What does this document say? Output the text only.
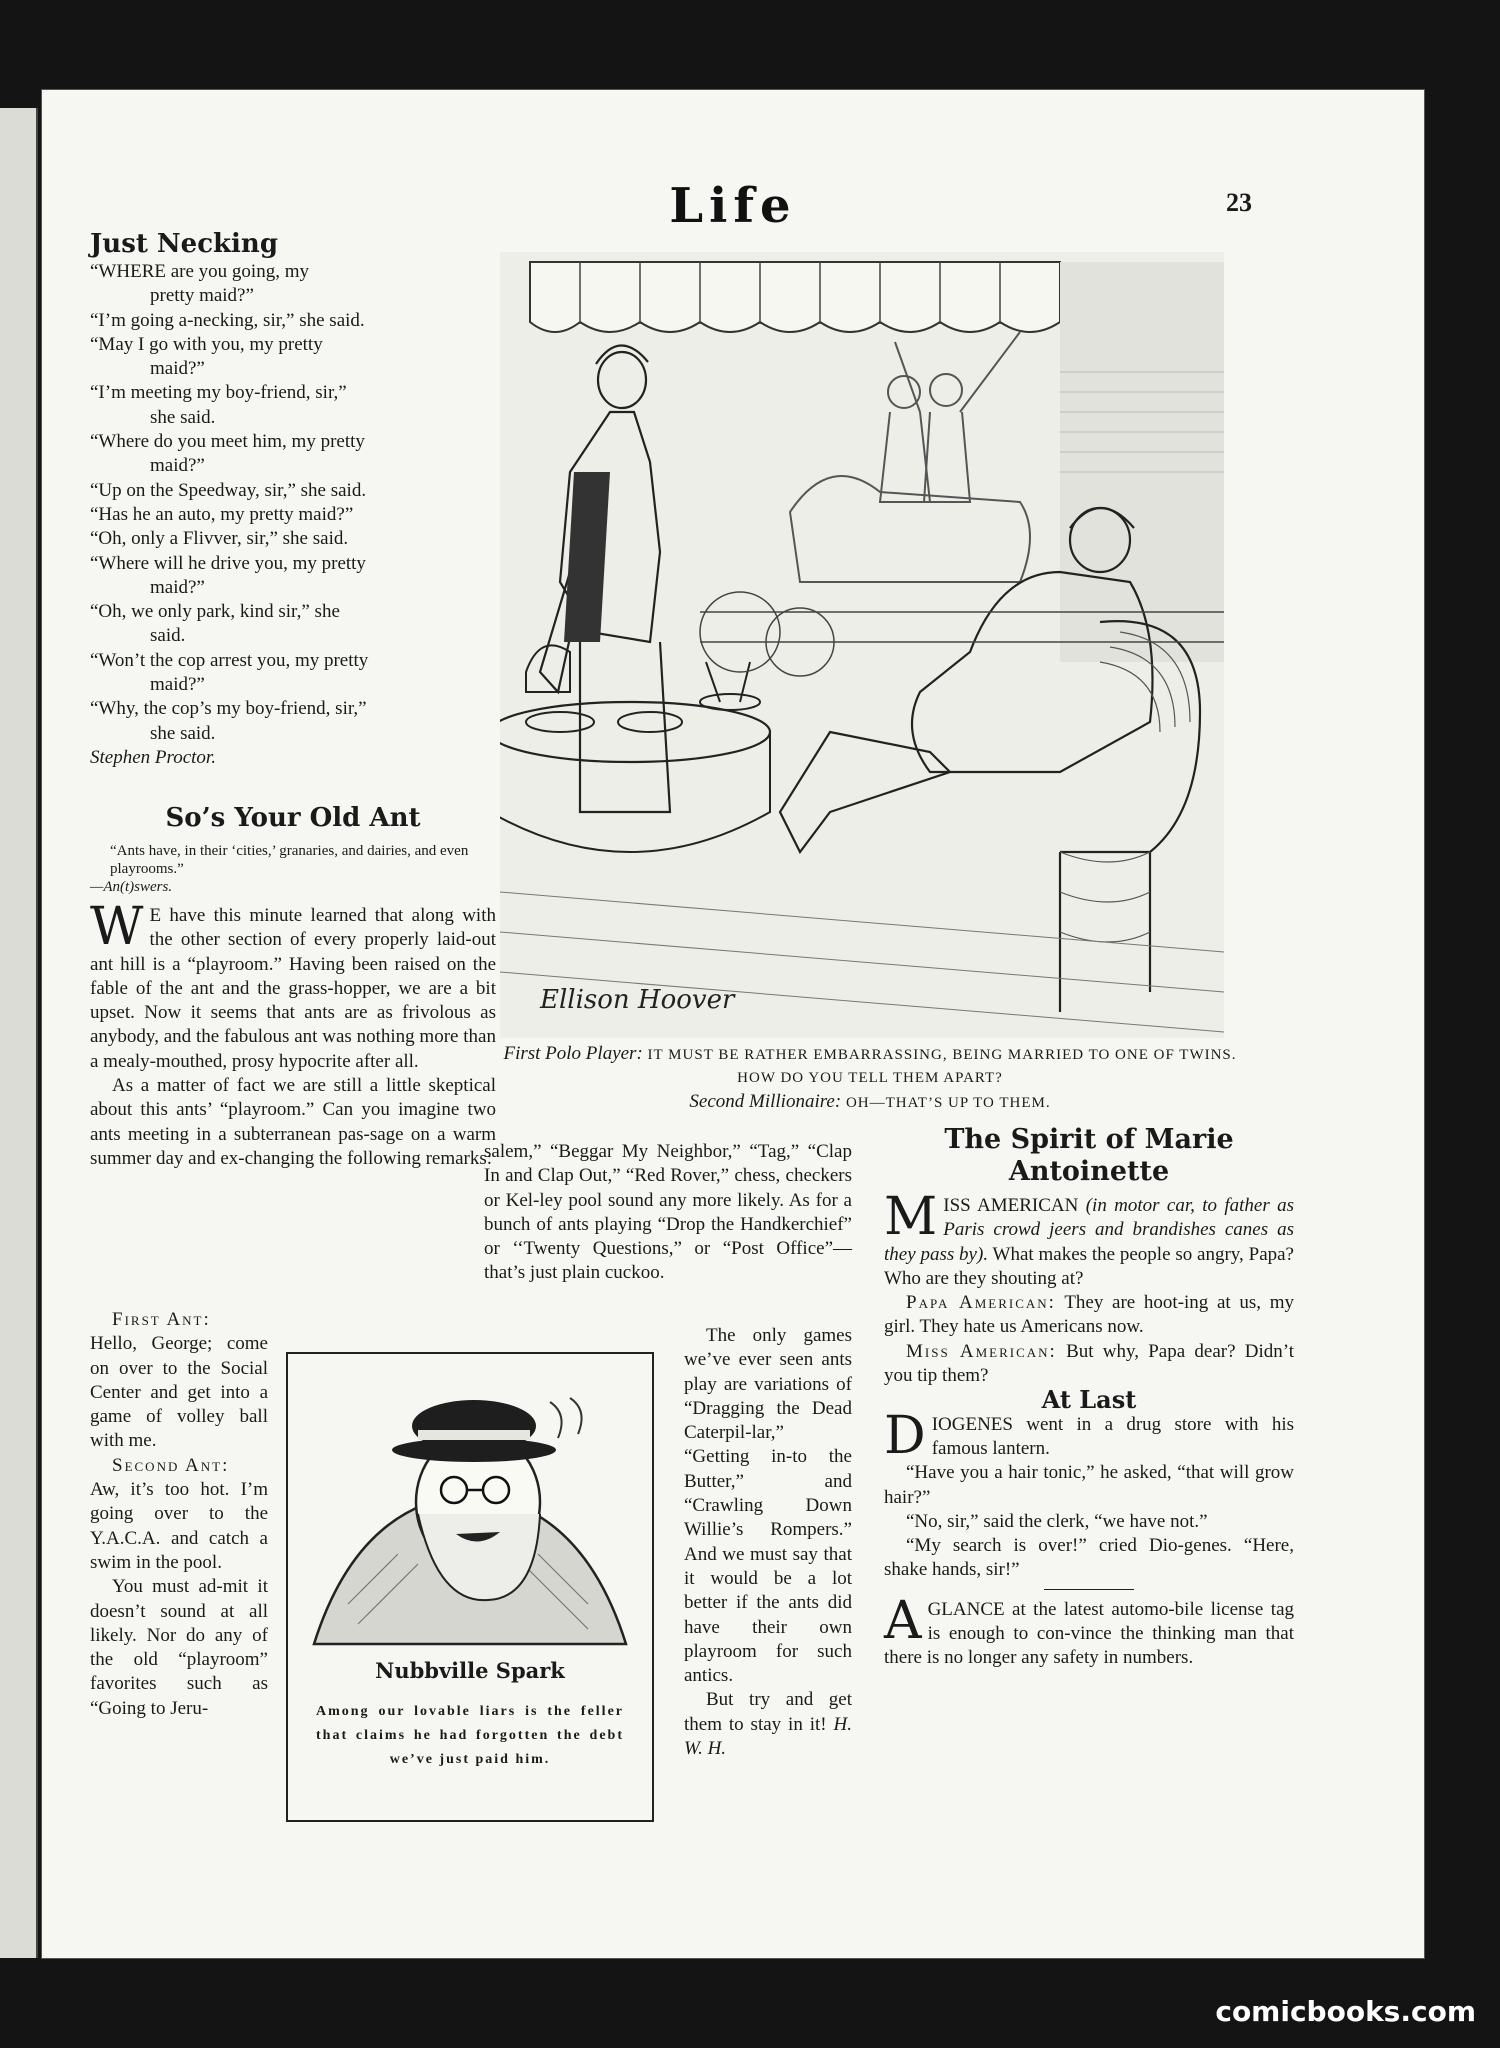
Life	23

Just Necking

“WHERE are you going, my

pretty maid?”

“I’m going a-necking, sir,” she said.

“May I go with you, my pretty

maid?”

“I’m meeting my boy-friend, sir,”

she said.

“Where do you meet him, my pretty

maid?”

“Up on the Speedway, sir,” she said.

“Has he an auto, my pretty maid?”

“Oh, only a Flivver, sir,” she said.

“Where will he drive you, my pretty

maid?”

“Oh, we only park, kind sir,” she

said.

“Won’t the cop arrest you, my pretty

maid?”

“Why, the cop’s my boy-friend, sir,”

she said.

Stephen Proctor.

So’s Your Old Ant

“Ants have, in their ‘cities,’ granaries, and dairies, and even playrooms.”

—An(t)swers.

W E have this minute learned that along with the other section of every properly laid-out ant hill is a “playroom.” Having been raised on the fable of the ant and the grass-hopper, we are a bit upset. Now it seems that ants are as frivolous as anybody, and the fabulous ant was nothing more than a mealy-mouthed, prosy hypocrite after all.

As a matter of fact we are still a little skeptical about this ants’ “playroom.” Can you imagine two ants meeting in a subterranean pas-sage on a warm summer day and ex-changing the following remarks:

First Ant:

Hello, George; come on over to the Social Center and get into a game of volley ball with me.

Second Ant:

Aw, it’s too hot. I’m going over to the Y.A.C.A. and catch a swim in the pool.

You must ad-mit it doesn’t sound at all likely. Nor do any of the old “playroom” favorites such as “Going to Jeru-

salem,” “Beggar My Neighbor,” “Tag,” “Clap In and Clap Out,” “Red Rover,” chess, checkers or Kel-ley pool sound any more likely. As for a bunch of ants playing “Drop the Handkerchief” or ‘‘Twenty Questions,” or “Post Office”—that’s just plain cuckoo.

The only games we’ve ever seen ants play are variations of “Dragging the Dead Caterpil-lar,” “Getting in-to the Butter,” and “Crawling Down Willie’s Rompers.” And we must say that it would be a lot better if the ants did have their own playroom for such antics.

But try and get them to stay in it! H. W. H.

Ellison Hoover
First Polo Player: IT MUST BE RATHER EMBARRASSING, BEING MARRIED TO ONE OF TWINS. HOW DO YOU TELL THEM APART?
Second Millionaire: OH—THAT’S UP TO THEM.
Nubbville Spark
Among our lovable liars is the feller that claims he had forgotten the debt we’ve just paid him.

The Spirit of Marie Antoinette

M ISS AMERICAN (in motor car, to father as Paris crowd jeers and brandishes canes as they pass by). What makes the people so angry, Papa? Who are they shouting at?

Papa American: They are hoot-ing at us, my girl. They hate us Americans now.

Miss American: But why, Papa dear? Didn’t you tip them?

At Last

DIOGENES went in a drug store with his famous lantern.

“Have you a hair tonic,” he asked, “that will grow hair?”

“No, sir,” said the clerk, “we have not.”

“My search is over!” cried Dio-genes. “Here, shake hands, sir!”

AGLANCE at the latest automo-bile license tag is enough to con-vince the thinking man that there is no longer any safety in numbers.

comicbooks.com
